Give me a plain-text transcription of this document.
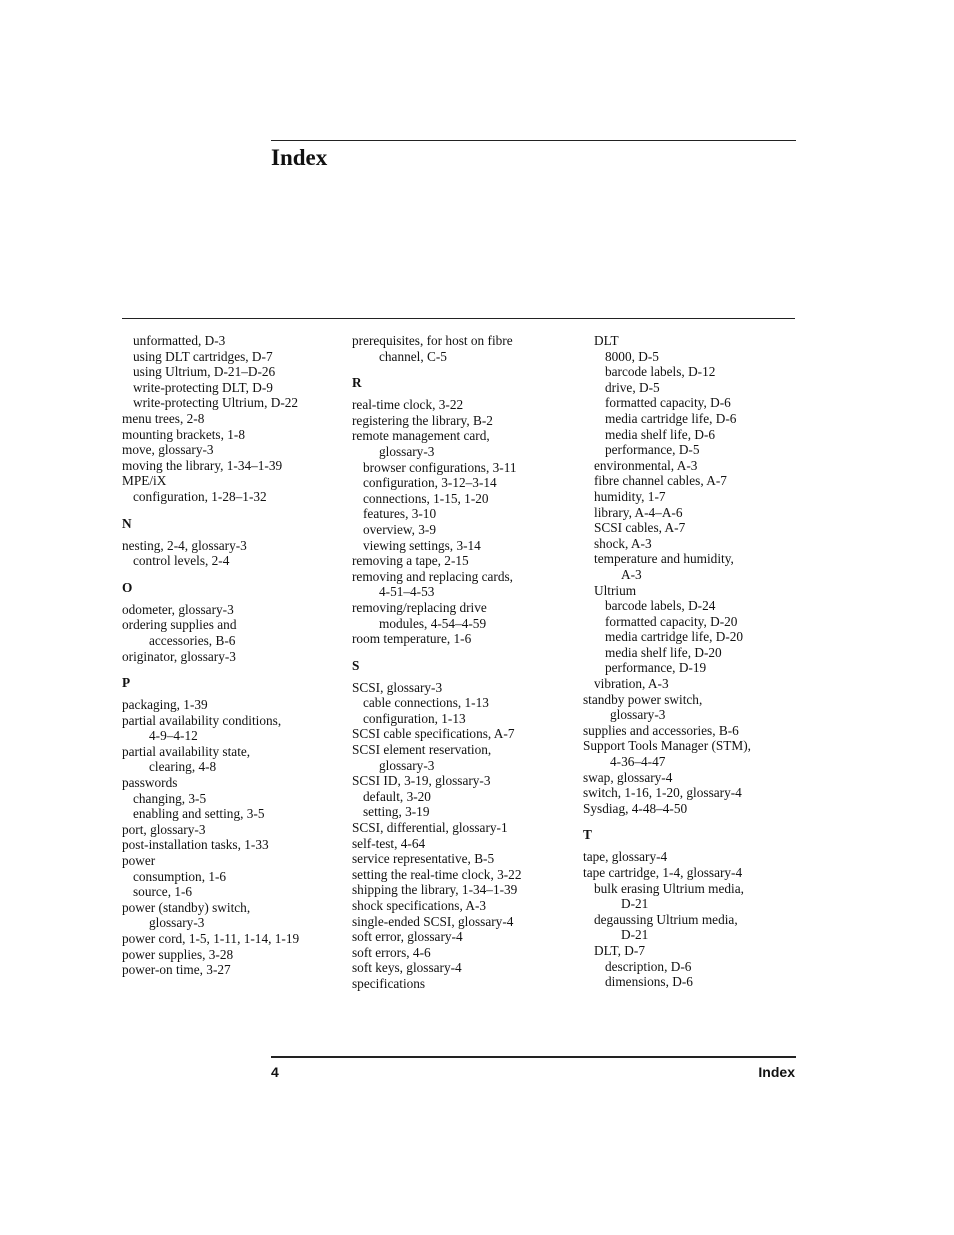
Index
unformatted, D-3
using DLT cartridges, D-7
using Ultrium, D-21–D-26
write-protecting DLT, D-9
write-protecting Ultrium, D-22
menu trees, 2-8
mounting brackets, 1-8
move, glossary-3
moving the library, 1-34–1-39
MPE/iX
configuration, 1-28–1-32
N
nesting, 2-4, glossary-3
control levels, 2-4
O
odometer, glossary-3
ordering supplies and
accessories, B-6
originator, glossary-3
P
packaging, 1-39
partial availability conditions,
4-9–4-12
partial availability state,
clearing, 4-8
passwords
changing, 3-5
enabling and setting, 3-5
port, glossary-3
post-installation tasks, 1-33
power
consumption, 1-6
source, 1-6
power (standby) switch,
glossary-3
power cord, 1-5, 1-11, 1-14, 1-19
power supplies, 3-28
power-on time, 3-27
prerequisites, for host on fibre
channel, C-5
R
real-time clock, 3-22
registering the library, B-2
remote management card,
glossary-3
browser configurations, 3-11
configuration, 3-12–3-14
connections, 1-15, 1-20
features, 3-10
overview, 3-9
viewing settings, 3-14
removing a tape, 2-15
removing and replacing cards,
4-51–4-53
removing/replacing drive
modules, 4-54–4-59
room temperature, 1-6
S
SCSI, glossary-3
cable connections, 1-13
configuration, 1-13
SCSI cable specifications, A-7
SCSI element reservation,
glossary-3
SCSI ID, 3-19, glossary-3
default, 3-20
setting, 3-19
SCSI, differential, glossary-1
self-test, 4-64
service representative, B-5
setting the real-time clock, 3-22
shipping the library, 1-34–1-39
shock specifications, A-3
single-ended SCSI, glossary-4
soft error, glossary-4
soft errors, 4-6
soft keys, glossary-4
specifications
DLT
8000, D-5
barcode labels, D-12
drive, D-5
formatted capacity, D-6
media cartridge life, D-6
media shelf life, D-6
performance, D-5
environmental, A-3
fibre channel cables, A-7
humidity, 1-7
library, A-4–A-6
SCSI cables, A-7
shock, A-3
temperature and humidity,
A-3
Ultrium
barcode labels, D-24
formatted capacity, D-20
media cartridge life, D-20
media shelf life, D-20
performance, D-19
vibration, A-3
standby power switch,
glossary-3
supplies and accessories, B-6
Support Tools Manager (STM),
4-36–4-47
swap, glossary-4
switch, 1-16, 1-20, glossary-4
Sysdiag, 4-48–4-50
T
tape, glossary-4
tape cartridge, 1-4, glossary-4
bulk erasing Ultrium media,
D-21
degaussing Ultrium media,
D-21
DLT, D-7
description, D-6
dimensions, D-6
4	Index
